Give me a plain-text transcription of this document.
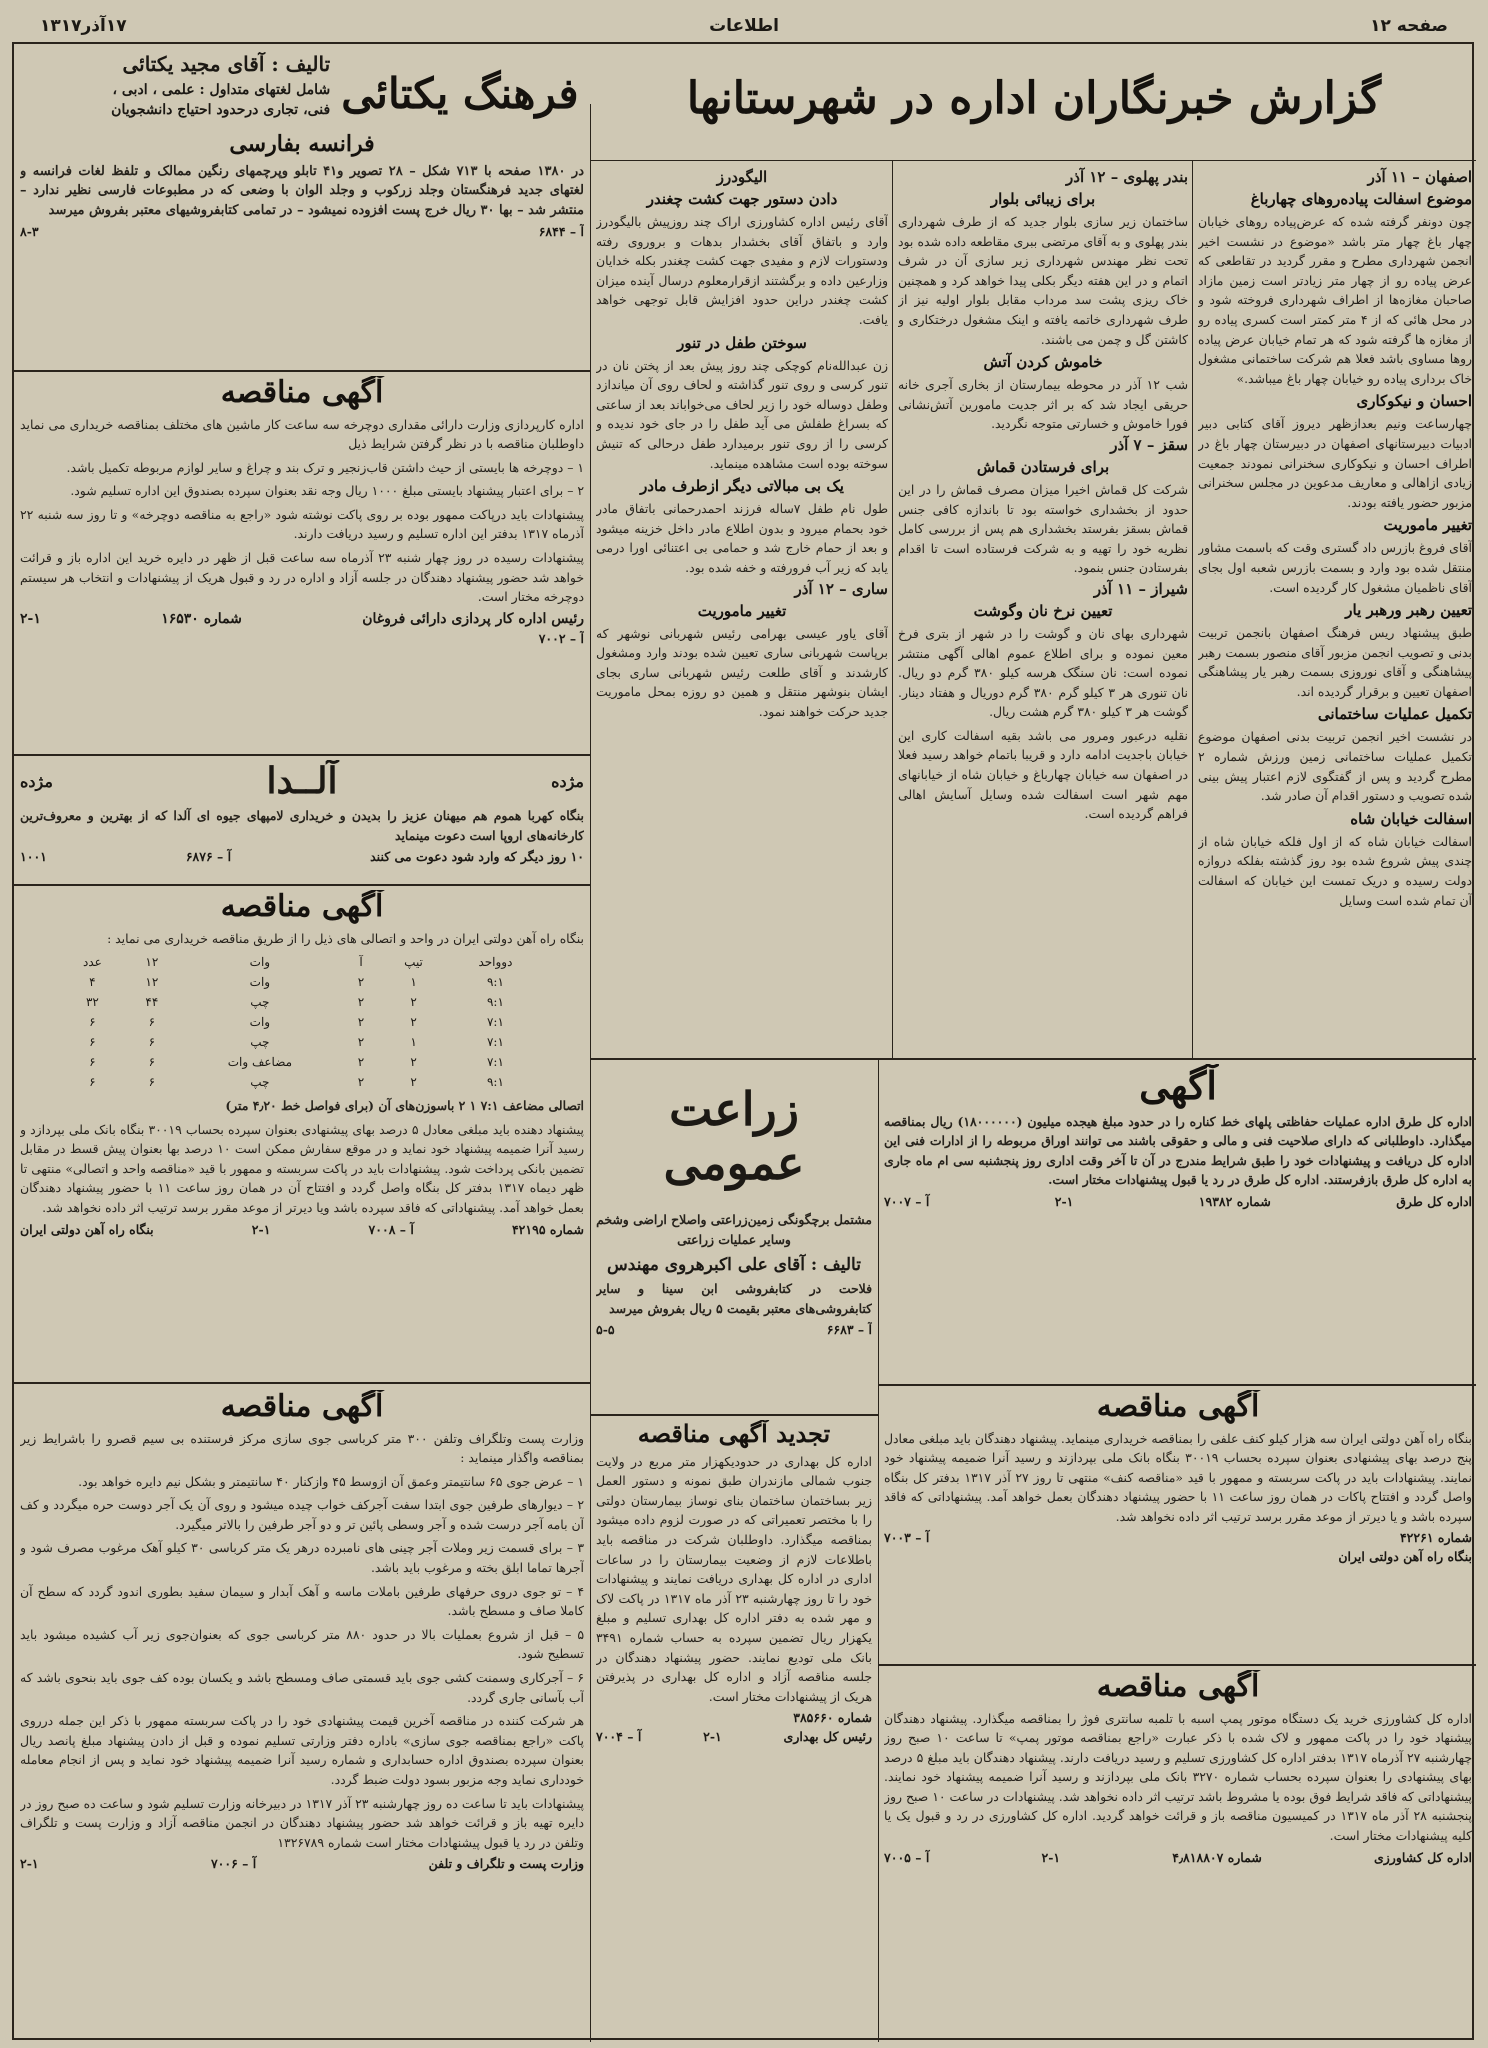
صفحه ۱۲
اطلاعات
۱۷آذر۱۳۱۷
گزارش خبرنگاران اداره در شهرستانها
اصفهان – ۱۱ آذر
موضوع اسفالت پیاده‌روهای چهارباغ
چون دونفر گرفته شده که عرض‌پیاده روهای خیابان چهار باغ چهار متر باشد «موضوع در نشست اخیر انجمن شهرداری مطرح و مقرر گردید در تقاطعی که عرض پیاده رو از چهار متر زیادتر است زمین مازاد صاحبان مغازه‌ها از اطراف شهرداری فروخته شود و در محل هائی که از ۴ متر کمتر است کسری پیاده رو از مغازه ها گرفته شود که هر تمام خیابان عرض پیاده روها مساوی باشد فعلا هم شرکت ساختمانی مشغول خاک برداری پیاده رو خیابان چهار باغ میباشد.»
احسان و نیکوکاری
چهارساعت ونیم بعدازظهر دیروز آقای کتابی دبیر ادبیات دبیرستانهای اصفهان در دبیرستان چهار باغ در اطراف احسان و نیکوکاری سخنرانی نمودند جمعیت زیادی ازاهالی و معاریف مدعوین در مجلس سخنرانی مزبور حضور یافته بودند.
تغییر ماموریت
آقای فروغ بازرس داد گستری وقت که باسمت مشاور منتقل شده بود وارد و بسمت بازرس شعبه اول بجای آقای ناظمیان مشغول کار گردیده است.
تعیین رهبر ورهبر یار
طبق پیشنهاد ریس فرهنگ اصفهان بانجمن تربیت بدنی و تصویب انجمن مزبور آقای منصور بسمت رهبر پیشاهنگی و آقای نوروزی بسمت رهبر یار پیشاهنگی اصفهان تعیین و برقرار گردیده اند.
تکمیل عملیات ساختمانی
در نشست اخیر انجمن تربیت بدنی اصفهان موضوع تکمیل عملیات ساختمانی زمین ورزش شماره ۲ مطرح گردید و پس از گفتگوی لازم اعتبار پیش بینی شده تصویب و دستور اقدام آن صادر شد.
اسفالت خیابان شاه
اسفالت خیابان شاه که از اول فلکه خیابان شاه از چندی پیش شروع شده بود روز گذشته بفلکه دروازه دولت رسیده و دریک تمست این خیابان که اسفالت آن تمام شده است وسایل
بندر پهلوی – ۱۲ آذر
برای زیبائی بلوار
ساختمان زیر سازی بلوار جدید که از طرف شهرداری بندر پهلوی و به آقای مرتضی ببری مقاطعه داده شده بود تحت نظر مهندس شهرداری زیر سازی آن در شرف اتمام و در این هفته دیگر بکلی پیدا خواهد کرد و همچنین خاک ریزی پشت سد مرداب مقابل بلوار اولیه نیز از طرف شهرداری خاتمه یافته و اینک مشغول درختکاری و کاشتن گل و چمن می باشند.
خاموش کردن آتش
شب ۱۲ آذر در محوطه بیمارستان از بخاری آجری خانه حریقی ایجاد شد که بر اثر جدیت مامورین آتش‌نشانی فورا خاموش و خسارتی متوجه نگردید.
سقز – ۷ آذر
برای فرستادن قماش
شرکت کل قماش اخیرا میزان مصرف قماش را در این حدود از بخشداری خواسته بود تا باندازه کافی جنس قماش بسقز بفرستد بخشداری هم پس از بررسی کامل نظریه خود را تهیه و به شرکت فرستاده است تا اقدام بفرستادن جنس بنمود.
شیراز – ۱۱ آذر
تعیین نرخ نان وگوشت
شهرداری بهای نان و گوشت را در شهر از بتری فرخ معین نموده و برای اطلاع عموم اهالی آگهی منتشر نموده است: نان سنگک هرسه کیلو ۳۸۰ گرم دو ریال. نان تنوری هر ۳ کیلو گرم ۳۸۰ گرم دوریال و هفتاد دینار. گوشت هر ۳ کیلو ۳۸۰ گرم هشت ریال.
نقلیه درعبور ومرور می باشد بقیه اسفالت کاری این خیابان باجدیت ادامه دارد و قریبا باتمام خواهد رسید فعلا در اصفهان سه خیابان چهارباغ و خیابان شاه از خیابانهای مهم شهر است اسفالت شده وسایل آسایش اهالی فراهم گردیده است.
الیگودرز
دادن دستور جهت کشت چغندر
آقای رئیس اداره کشاورزی اراک چند روزپیش بالیگودرز وارد و باتفاق آقای بخشدار بدهات و بروروی رفته ودستورات لازم و مفیدی جهت کشت چغندر بکله خدایان وزارعین داده و برگشتند ازقرارمعلوم درسال آینده میزان کشت چغندر دراین حدود افزایش قابل توجهی خواهد یافت.
سوختن طفل در تنور
زن عبدالله‌نام کوچکی چند روز پیش بعد از پختن نان در تنور کرسی و روی تنور گذاشته و لحاف روی آن میاندازد وطفل دوساله خود را زیر لحاف می‌خواباند بعد از ساعتی که بسراغ طفلش می آید طفل را در جای خود ندیده و کرسی را از روی تنور برمیدارد طفل درحالی که تنیش سوخته بوده است مشاهده مینماید.
یک بی مبالاتی دیگر ازطرف مادر
طول نام طفل ۷ساله فرزند احمدرحمانی باتفاق مادر خود بحمام میرود و بدون اطلاع مادر داخل خزینه میشود و بعد از حمام خارج شد و حمامی بی اعتنائی اورا درمی یابد که زیر آب فرورفته و خفه شده بود.
ساری – ۱۲ آذر
تغییر ماموریت
آقای یاور عیسی بهرامی رئیس شهربانی نوشهر که برپاست شهربانی ساری تعیین شده بودند وارد ومشغول کارشدند و آقای طلعت رئیس شهربانی ساری بجای ایشان بنوشهر منتقل و همین دو روزه بمحل ماموریت جدید حرکت خواهند نمود.
فرهنگ یکتائی
تالیف : آقای مجید یکتائی
شامل لغتهای متداول : علمی ، ادبی ،
فنی، تجاری درحدود احتیاج دانشجویان
فرانسه بفارسی
در ۱۳۸۰ صفحه با ۷۱۳ شکل – ۲۸ تصویر و۴۱ تابلو وپرچمهای رنگین ممالک و تلفظ لغات فرانسه و لغتهای جدید فرهنگستان وجلد زرکوب و وجلد الوان با وضعی که در مطبوعات فارسی نظیر ندارد – منتشر شد – بها ۳۰ ریال خرج پست افزوده نمیشود – در تمامی کتابفروشیهای معتبر بفروش میرسد
آ – ۶۸۴۴
۸-۳
آگهی مناقصه
اداره کارپردازی وزارت دارائی مقداری دوچرخه سه ساعت کار ماشین های مختلف بمناقصه خریداری می نماید داوطلبان مناقصه با در نظر گرفتن شرایط ذیل
۱ – دوچرخه ها بایستی از حیث داشتن قاب‌زنجیر و ترک بند و چراغ و سایر لوازم مربوطه تکمیل باشد.
۲ – برای اعتبار پیشنهاد بایستی مبلغ ۱۰۰۰ ریال وجه نقد بعنوان سپرده بصندوق این اداره تسلیم شود.
پیشنهادات باید درپاکت ممهور بوده بر روی پاکت نوشته شود «راجع به مناقصه دوچرخه» و تا روز سه شنبه ۲۲ آذرماه ۱۳۱۷ بدفتر این اداره تسلیم و رسید دریافت دارند.
پیشنهادات رسیده در روز چهار شنبه ۲۳ آذرماه سه ساعت قبل از ظهر در دایره خرید این اداره باز و قرائت خواهد شد حضور پیشنهاد دهندگان در جلسه آزاد و اداره در رد و قبول هریک از پیشنهادات و انتخاب هر سیستم دوچرخه مختار است.
رئیس اداره کار پردازی دارائی فروغان
شماره ۱۶۵۳۰
۲-۱
آ – ۷۰۰۲
مژده
آلــدا
مژده
بنگاه کهربا هموم هم میهنان عزیز را بدیدن و خریداری لامپهای جیوه ای آلدا که از بهترین و معروف‌ترین کارخانه‌های اروپا است دعوت مینماید
۱۰ روز دیگر که وارد شود دعوت می کنند
آ – ۶۸۷۶
۱۰۰۱
آگهی مناقصه
بنگاه راه آهن دولتی ایران در واحد و اتصالی های ذیل را از طریق مناقصه خریداری می نماید :
دوواحد	تیپ	آ	وات	۱۲	عدد
۹:۱	۱	۲	وات	۱۲	۴
۹:۱	۲	۲	چپ	۴۴	۳۲
۷:۱	۲	۲	وات	۶	۶
۷:۱	۱	۲	چپ	۶	۶
۷:۱	۲	۲	مضاعف وات	۶	۶
۹:۱	۲	۲	چپ	۶	۶
اتصالی مضاعف ۷:۱ ۱ ۲ باسوزن‌های آن (برای فواصل خط ۴٫۲۰ متر)
پیشنهاد دهنده باید مبلغی معادل ۵ درصد بهای پیشنهادی بعنوان سپرده بحساب ۳۰۰۱۹ بنگاه بانک ملی بپردازد و رسید آنرا ضمیمه پیشنهاد خود نماید و در موقع سفارش ممکن است ۱۰ درصد بها بعنوان پیش قسط در مقابل تضمین بانکی پرداخت شود. پیشنهادات باید در پاکت سربسته و ممهور با قید «مناقصه واحد و اتصالی» منتهی تا ظهر دیماه ۱۳۱۷ بدفتر کل بنگاه واصل گردد و افتتاح آن در همان روز ساعت ۱۱ با حضور پیشنهاد دهندگان بعمل خواهد آمد. پیشنهاداتی که فاقد سپرده باشد ویا دیرتر از موعد مقرر برسد ترتیب اثر داده نخواهد شد.
شماره ۴۲۱۹۵
آ – ۷۰۰۸
۲-۱
بنگاه راه آهن دولتی ایران
آگهی مناقصه
وزارت پست وتلگراف وتلفن ۳۰۰ متر کرباسی جوی سازی مرکز فرستنده بی سیم قصرو را باشرایط زیر بمناقصه واگذار مینماید :
۱ – عرض جوی ۶۵ سانتیمتر وعمق آن ازوسط ۴۵ وازکنار ۴۰ سانتیمتر و بشکل نیم دایره خواهد بود.
۲ – دیوارهای طرفین جوی ابتدا سفت آجرکف خواب چیده میشود و روی آن یک آجر دوست حره میگردد و کف آن بامه آجر درست شده و آجر وسطی پائین تر و دو آجر طرفین را بالاتر میگیرد.
۳ – برای قسمت زیر وملات آجر چینی های نامبرده درهر یک متر کرباسی ۳۰ کیلو آهک مرغوب مصرف شود و آجرها تماما ابلق بخته و مرغوب باید باشد.
۴ – تو جوی دروی حرفهای طرفین باملات ماسه و آهک آبدار و سیمان سفید بطوری اندود گردد که سطح آن کاملا صاف و مسطح باشد.
۵ – قبل از شروع بعملیات بالا در حدود ۸۸۰ متر کرباسی جوی که بعنوان‌جوی زیر آب کشیده میشود باید تسطیح شود.
۶ – آجرکاری وسمنت کشی جوی باید قسمتی صاف ومسطح باشد و یکسان بوده کف جوی باید بنحوی باشد که آب بآسانی جاری گردد.
هر شرکت کننده در مناقصه آخرین قیمت پیشنهادی خود را در پاکت سربسته ممهور با ذکر این جمله درروی پاکت «راجع بمناقصه جوی سازی» باداره دفتر وزارتی تسلیم نموده و قبل از دادن پیشنهاد مبلغ پانصد ریال بعنوان سپرده بصندوق اداره حسابداری و شماره رسید آنرا ضمیمه پیشنهاد خود نماید و پس از انجام معامله خودداری نماید وجه مزبور بسود دولت ضبط گردد.
پیشنهادات باید تا ساعت ده روز چهارشنبه ۲۳ آذر ۱۳۱۷ در دبیرخانه وزارت تسلیم شود و ساعت ده صبح روز در دایره تهیه باز و قرائت خواهد شد حضور پیشنهاد دهندگان در انجمن مناقصه آزاد و وزارت پست و تلگراف وتلفن در رد یا قبول پیشنهادات مختار است شماره ۱۳۲۶۷۸۹
وزارت پست و تلگراف و تلفن
آ – ۷۰۰۶
۲-۱
زراعت عمومی
مشتمل برچگونگی زمین‌زراعتی واصلاح اراضی وشخم وسایر عملیات زراعتی
تالیف : آقای علی اکبرهروی مهندس
فلاحت در کتابفروشی ابن سینا و سایر کتابفروشی‌های معتبر بقیمت ۵ ریال بفروش میرسد
آ – ۶۶۸۳
۵-۵
تجدید آگهی مناقصه
اداره کل بهداری در حدودیکهزار متر مربع در ولایت جنوب شمالی مازندران طبق نمونه و دستور العمل زیر بساختمان ساختمان بنای نوساز بیمارستان دولتی را با مختصر تعمیراتی که در صورت لزوم داده میشود بمناقصه میگذارد. داوطلبان شرکت در مناقصه باید باطلاعات لازم از وضعیت بیمارستان را در ساعات اداری در اداره کل بهداری دریافت نمایند و پیشنهادات خود را تا روز چهارشنبه ۲۳ آذر ماه ۱۳۱۷ در پاکت لاک و مهر شده به دفتر اداره کل بهداری تسلیم و مبلغ یکهزار ریال تضمین سپرده به حساب شماره ۳۴۹۱ بانک ملی تودیع نمایند. حضور پیشنهاد دهندگان در جلسه مناقصه آزاد و اداره کل بهداری در پذیرفتن هریک از پیشنهادات مختار است.
شماره ۳۸۵۶۶۰
رئیس کل بهداری
۲-۱
آ – ۷۰۰۴
آگهی
اداره کل طرق اداره عملیات حفاظتی پلهای خط کناره را در حدود مبلغ هیجده میلیون (۱۸۰۰۰۰۰۰) ریال بمناقصه میگذارد. داوطلبانی که دارای صلاحیت فنی و مالی و حقوقی باشند می توانند اوراق مربوطه را از ادارات فنی این اداره کل دریافت و پیشنهادات خود را طبق شرایط مندرج در آن تا آخر وقت اداری روز پنجشنبه سی ام ماه جاری به اداره کل طرق بازفرستند. اداره کل طرق در رد یا قبول پیشنهادات مختار است.
اداره کل طرق
شماره ۱۹۳۸۲
۲-۱
آ – ۷۰۰۷
آگهی مناقصه
بنگاه راه آهن دولتی ایران سه هزار کیلو کنف علفی را بمناقصه خریداری مینماید. پیشنهاد دهندگان باید مبلغی معادل پنج درصد بهای پیشنهادی بعنوان سپرده بحساب ۳۰۰۱۹ بنگاه بانک ملی بپردازند و رسید آنرا ضمیمه پیشنهاد خود نمایند. پیشنهادات باید در پاکت سربسته و ممهور با قید «مناقصه کنف» منتهی تا روز ۲۷ آذر ۱۳۱۷ بدفتر کل بنگاه واصل گردد و افتتاح پاکات در همان روز ساعت ۱۱ با حضور پیشنهاد دهندگان بعمل خواهد آمد. پیشنهاداتی که فاقد سپرده باشد و یا دیرتر از موعد مقرر برسد ترتیب اثر داده نخواهد شد.
شماره ۴۲۲۶۱
آ – ۷۰۰۳
بنگاه راه آهن دولتی ایران
آگهی مناقصه
اداره کل کشاورزی خرید یک دستگاه موتور پمپ اسبه با تلمبه سانتری فوژ را بمناقصه میگذارد. پیشنهاد دهندگان پیشنهاد خود را در پاکت ممهور و لاک شده با ذکر عبارت «راجع بمناقصه موتور پمپ» تا ساعت ۱۰ صبح روز چهارشنبه ۲۷ آذرماه ۱۳۱۷ بدفتر اداره کل کشاورزی تسلیم و رسید دریافت دارند. پیشنهاد دهندگان باید مبلغ ۵ درصد بهای پیشنهادی را بعنوان سپرده بحساب شماره ۳۲۷۰ بانک ملی بپردازند و رسید آنرا ضمیمه پیشنهاد خود نمایند. پیشنهاداتی که فاقد شرایط فوق بوده یا مشروط باشد ترتیب اثر داده نخواهد شد. پیشنهادات در ساعت ۱۰ صبح روز پنجشنبه ۲۸ آذر ماه ۱۳۱۷ در کمیسیون مناقصه باز و قرائت خواهد گردید. اداره کل کشاورزی در رد و قبول یک یا کلیه پیشنهادات مختار است.
اداره کل کشاورزی
شماره ۴٫۸۱۸۸۰۷
۲-۱
آ – ۷۰۰۵
